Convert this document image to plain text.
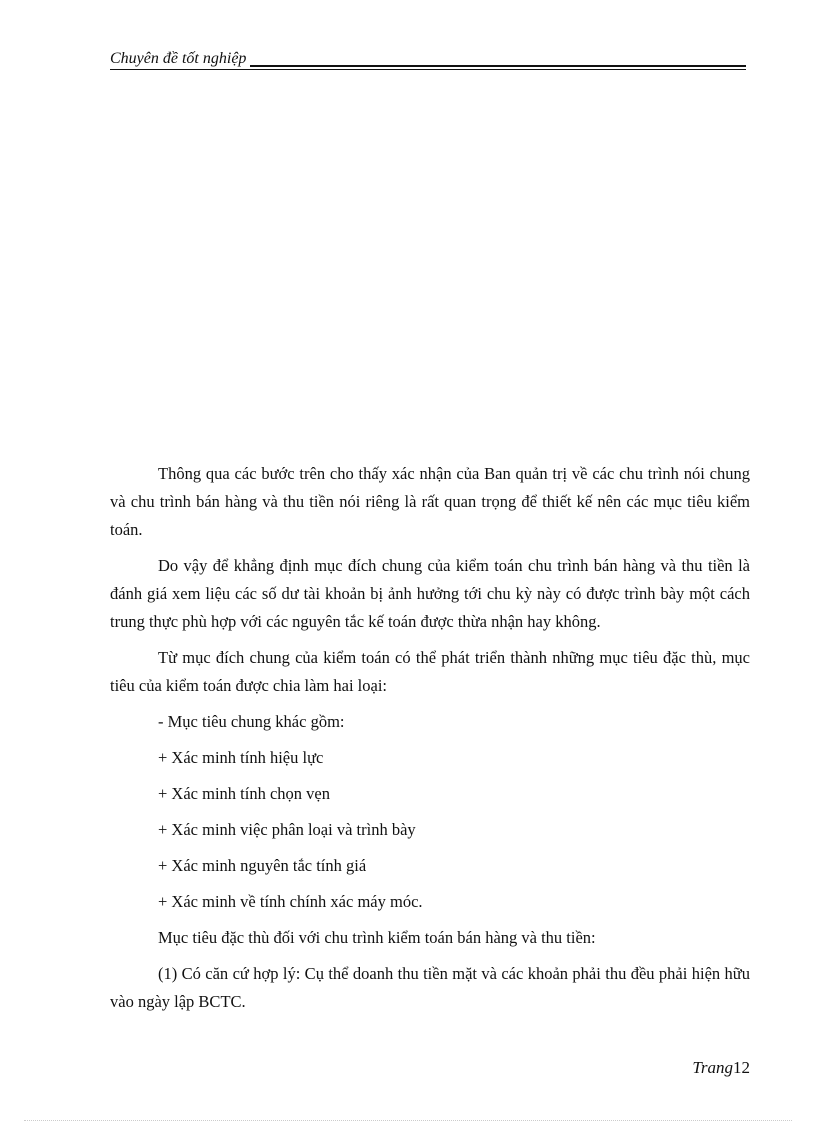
Chuyên đề tốt nghiệp

Thông qua các bước trên cho thấy xác nhận của Ban quản trị về các chu trình nói chung và chu trình bán hàng và thu tiền nói riêng là rất quan trọng để thiết kế nên các mục tiêu kiểm toán.

Do vậy để khẳng định mục đích chung của kiểm toán chu trình bán hàng và thu tiền là đánh giá xem liệu các số dư tài khoản bị ảnh hưởng tới chu kỳ này có được trình bày một cách trung thực phù hợp với các nguyên tắc kế toán được thừa nhận hay không.

Từ mục đích chung của kiểm toán có thể phát triển thành những mục tiêu đặc thù, mục tiêu của kiểm toán được chia làm hai loại:

- Mục tiêu chung khác gồm:

+ Xác minh tính hiệu lực

+ Xác minh tính chọn vẹn

+ Xác minh việc phân loại và trình bày

+ Xác minh nguyên tắc tính giá

+ Xác minh về tính chính xác máy móc.

Mục tiêu đặc thù đối với chu trình kiểm toán bán hàng và thu tiền:

(1) Có căn cứ hợp lý: Cụ thể doanh thu tiền mặt và các khoản phải thu đều phải hiện hữu vào ngày lập BCTC.

Trang12
